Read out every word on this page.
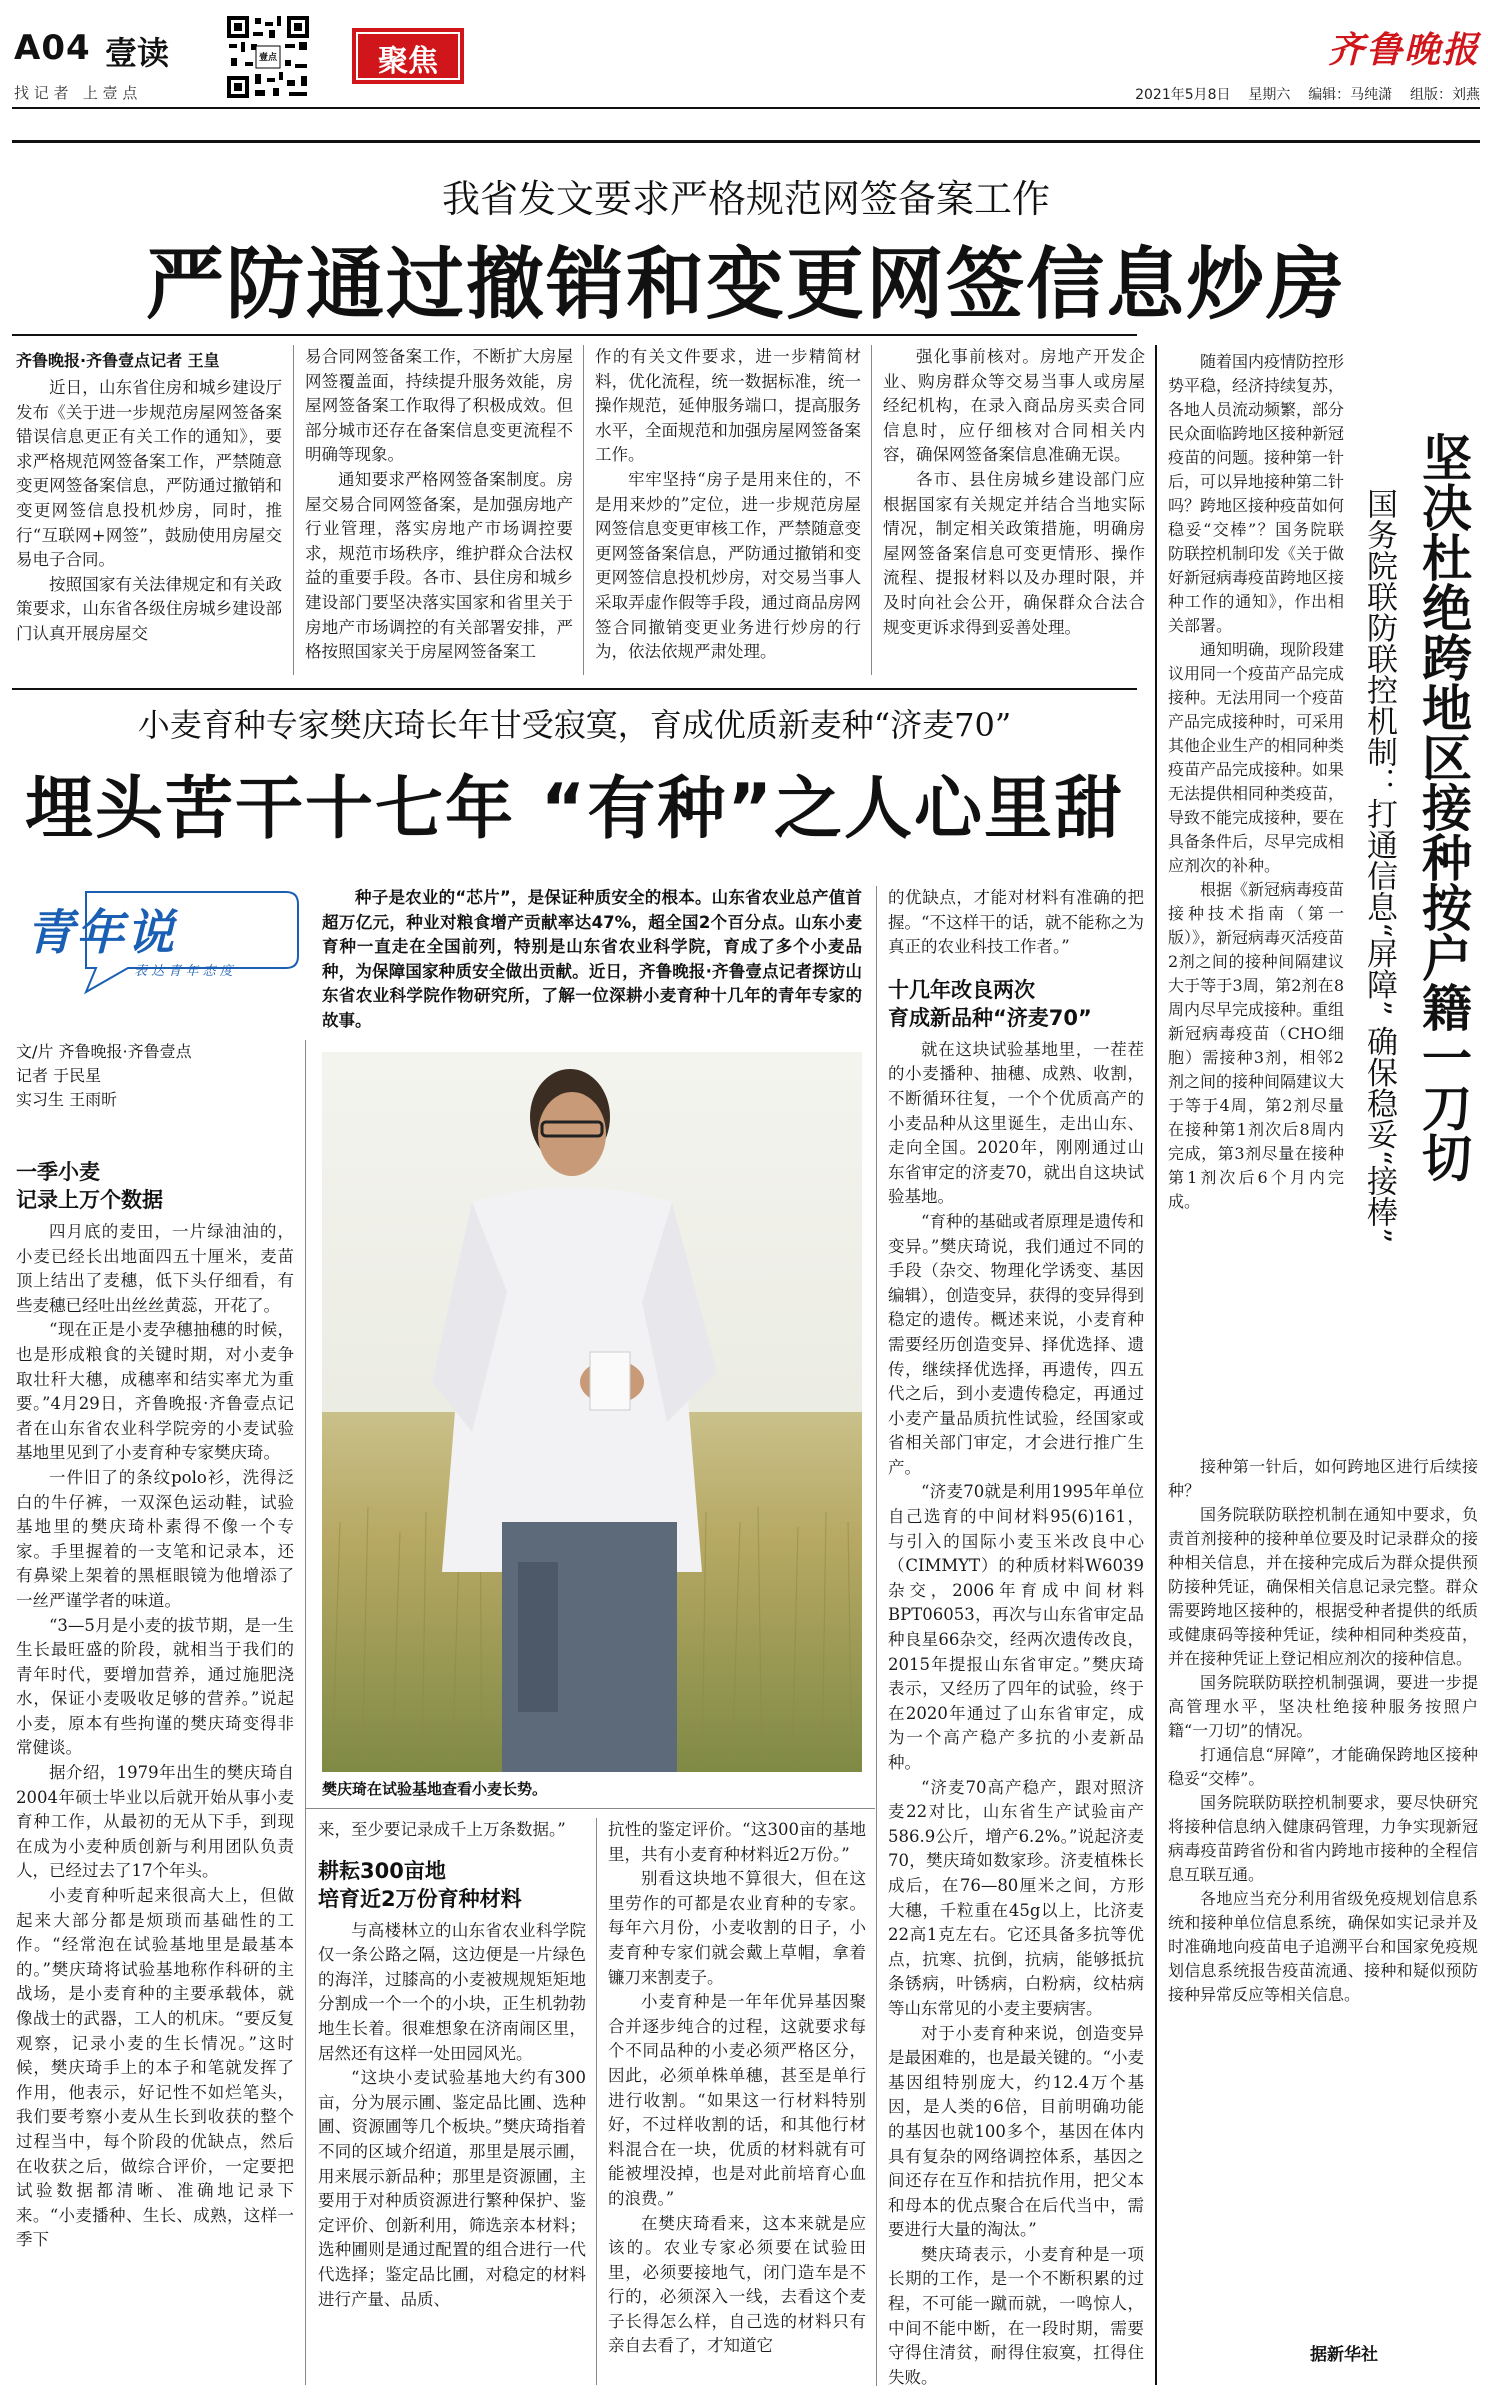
A04 壹读
找 记 者   上 壹 点
壹点	聚焦	齐鲁晚报
2021年5月8日 星期六 编辑：马纯潇 组版：刘燕
我省发文要求严格规范网签备案工作
严防通过撤销和变更网签信息炒房
齐鲁晚报·齐鲁壹点记者 王皇

近日，山东省住房和城乡建设厅发布《关于进一步规范房屋网签备案错误信息更正有关工作的通知》，要求严格规范网签备案工作，严禁随意变更网签备案信息，严防通过撤销和变更网签信息投机炒房，同时，推行“互联网+网签”，鼓励使用房屋交易电子合同。

按照国家有关法律规定和有关政策要求，山东省各级住房城乡建设部门认真开展房屋交

易合同网签备案工作，不断扩大房屋网签覆盖面，持续提升服务效能，房屋网签备案工作取得了积极成效。但部分城市还存在备案信息变更流程不明确等现象。

通知要求严格网签备案制度。房屋交易合同网签备案，是加强房地产行业管理，落实房地产市场调控要求，规范市场秩序，维护群众合法权益的重要手段。各市、县住房和城乡建设部门要坚决落实国家和省里关于房地产市场调控的有关部署安排，严格按照国家关于房屋网签备案工

作的有关文件要求，进一步精简材料，优化流程，统一数据标准，统一操作规范，延伸服务端口，提高服务水平，全面规范和加强房屋网签备案工作。

牢牢坚持“房子是用来住的，不是用来炒的”定位，进一步规范房屋网签信息变更审核工作，严禁随意变更网签备案信息，严防通过撤销和变更网签信息投机炒房，对交易当事人采取弄虚作假等手段，通过商品房网签合同撤销变更业务进行炒房的行为，依法依规严肃处理。

强化事前核对。房地产开发企业、购房群众等交易当事人或房屋经纪机构，在录入商品房买卖合同信息时，应仔细核对合同相关内容，确保网签备案信息准确无误。

各市、县住房城乡建设部门应根据国家有关规定并结合当地实际情况，制定相关政策措施，明确房屋网签备案信息可变更情形、操作流程、提报材料以及办理时限，并及时向社会公开，确保群众合法合规变更诉求得到妥善处理。

随着国内疫情防控形势平稳，经济持续复苏，各地人员流动频繁，部分民众面临跨地区接种新冠疫苗的问题。接种第一针后，可以异地接种第二针吗？跨地区接种疫苗如何稳妥“交棒”？国务院联防联控机制印发《关于做好新冠病毒疫苗跨地区接种工作的通知》，作出相关部署。

通知明确，现阶段建议用同一个疫苗产品完成接种。无法用同一个疫苗产品完成接种时，可采用其他企业生产的相同种类疫苗产品完成接种。如果无法提供相同种类疫苗，导致不能完成接种，要在具备条件后，尽早完成相应剂次的补种。

根据《新冠病毒疫苗接种技术指南（第一版）》，新冠病毒灭活疫苗2剂之间的接种间隔建议大于等于3周，第2剂在8周内尽早完成接种。重组新冠病毒疫苗（CHO细胞）需接种3剂，相邻2剂之间的接种间隔建议大于等于4周，第2剂尽量在接种第1剂次后8周内完成，第3剂尽量在接种第1剂次后6个月内完成。

坚决杜绝跨地区接种按户籍一刀切
国务院联防联控机制：打通信息“屏障” 确保稳妥“接棒”

接种第一针后，如何跨地区进行后续接种？

国务院联防联控机制在通知中要求，负责首剂接种的接种单位要及时记录群众的接种相关信息，并在接种完成后为群众提供预防接种凭证，确保相关信息记录完整。群众需要跨地区接种的，根据受种者提供的纸质或健康码等接种凭证，续种相同种类疫苗，并在接种凭证上登记相应剂次的接种信息。

国务院联防联控机制强调，要进一步提高管理水平，坚决杜绝接种服务按照户籍“一刀切”的情况。

打通信息“屏障”，才能确保跨地区接种稳妥“交棒”。

国务院联防联控机制要求，要尽快研究将接种信息纳入健康码管理，力争实现新冠病毒疫苗跨省份和省内跨地市接种的全程信息互联互通。

各地应当充分利用省级免疫规划信息系统和接种单位信息系统，确保如实记录并及时准确地向疫苗电子追溯平台和国家免疫规划信息系统报告疫苗流通、接种和疑似预防接种异常反应等相关信息。

据新华社
小麦育种专家樊庆琦长年甘受寂寞，育成优质新麦种“济麦70”
埋头苦干十七年 “有种”之人心里甜
青年说
表 达 青 年 态 度
文/片 齐鲁晚报·齐鲁壹点
记者 于民星
实习生 王雨昕
种子是农业的“芯片”，是保证种质安全的根本。山东省农业总产值首超万亿元，种业对粮食增产贡献率达47%，超全国2个百分点。山东小麦育种一直走在全国前列，特别是山东省农业科学院，育成了多个小麦品种，为保障国家种质安全做出贡献。近日，齐鲁晚报·齐鲁壹点记者探访山东省农业科学院作物研究所，了解一位深耕小麦育种十几年的青年专家的故事。
樊庆琦在试验基地查看小麦长势。
一季小麦
记录上万个数据

四月底的麦田，一片绿油油的，小麦已经长出地面四五十厘米，麦苗顶上结出了麦穗，低下头仔细看，有些麦穗已经吐出丝丝黄蕊，开花了。

“现在正是小麦孕穗抽穗的时候，也是形成粮食的关键时期，对小麦争取壮秆大穗，成穗率和结实率尤为重要。”4月29日，齐鲁晚报·齐鲁壹点记者在山东省农业科学院旁的小麦试验基地里见到了小麦育种专家樊庆琦。

一件旧了的条纹polo衫，洗得泛白的牛仔裤，一双深色运动鞋，试验基地里的樊庆琦朴素得不像一个专家。手里握着的一支笔和记录本，还有鼻梁上架着的黑框眼镜为他增添了一丝严谨学者的味道。

“3—5月是小麦的拔节期，是一生生长最旺盛的阶段，就相当于我们的青年时代，要增加营养，通过施肥浇水，保证小麦吸收足够的营养。”说起小麦，原本有些拘谨的樊庆琦变得非常健谈。

据介绍，1979年出生的樊庆琦自2004年硕士毕业以后就开始从事小麦育种工作，从最初的无从下手，到现在成为小麦种质创新与利用团队负责人，已经过去了17个年头。

小麦育种听起来很高大上，但做起来大部分都是烦琐而基础性的工作。“经常泡在试验基地里是最基本的。”樊庆琦将试验基地称作科研的主战场，是小麦育种的主要承载体，就像战士的武器，工人的机床。“要反复观察，记录小麦的生长情况。”这时候，樊庆琦手上的本子和笔就发挥了作用，他表示，好记性不如烂笔头，我们要考察小麦从生长到收获的整个过程当中，每个阶段的优缺点，然后在收获之后，做综合评价，一定要把试验数据都清晰、准确地记录下来。“小麦播种、生长、成熟，这样一季下

来，至少要记录成千上万条数据。”

耕耘300亩地
培育近2万份育种材料

与高楼林立的山东省农业科学院仅一条公路之隔，这边便是一片绿色的海洋，过膝高的小麦被规规矩矩地分割成一个一个的小块，正生机勃勃地生长着。很难想象在济南闹区里，居然还有这样一处田园风光。

“这块小麦试验基地大约有300亩，分为展示圃、鉴定品比圃、选种圃、资源圃等几个板块。”樊庆琦指着不同的区域介绍道，那里是展示圃，用来展示新品种；那里是资源圃，主要用于对种质资源进行繁种保护、鉴定评价、创新利用，筛选亲本材料；选种圃则是通过配置的组合进行一代代选择；鉴定品比圃，对稳定的材料进行产量、品质、

抗性的鉴定评价。“这300亩的基地里，共有小麦育种材料近2万份。”

别看这块地不算很大，但在这里劳作的可都是农业育种的专家。每年六月份，小麦收割的日子，小麦育种专家们就会戴上草帽，拿着镰刀来割麦子。

小麦育种是一年年优异基因聚合并逐步纯合的过程，这就要求每个不同品种的小麦必须严格区分，因此，必须单株单穗，甚至是单行进行收割。“如果这一行材料特别好，不过样收割的话，和其他行材料混合在一块，优质的材料就有可能被埋没掉，也是对此前培育心血的浪费。”

在樊庆琦看来，这本来就是应该的。农业专家必须要在试验田里，必须要接地气，闭门造车是不行的，必须深入一线，去看这个麦子长得怎么样，自己选的材料只有亲自去看了，才知道它

的优缺点，才能对材料有准确的把握。“不这样干的话，就不能称之为真正的农业科技工作者。”

十几年改良两次
育成新品种“济麦70”

就在这块试验基地里，一茬茬的小麦播种、抽穗、成熟、收割，不断循环往复，一个个优质高产的小麦品种从这里诞生，走出山东、走向全国。2020年，刚刚通过山东省审定的济麦70，就出自这块试验基地。

“育种的基础或者原理是遗传和变异。”樊庆琦说，我们通过不同的手段（杂交、物理化学诱变、基因编辑），创造变异，获得的变异得到稳定的遗传。概述来说，小麦育种需要经历创造变异、择优选择、遗传，继续择优选择，再遗传，四五代之后，到小麦遗传稳定，再通过小麦产量品质抗性试验，经国家或省相关部门审定，才会进行推广生产。

“济麦70就是利用1995年单位自己选育的中间材料95(6)161，与引入的国际小麦玉米改良中心（CIMMYT）的种质材料W6039杂交，2006年育成中间材料BPT06053，再次与山东省审定品种良星66杂交，经两次遗传改良，2015年提报山东省审定。”樊庆琦表示，又经历了四年的试验，终于在2020年通过了山东省审定，成为一个高产稳产多抗的小麦新品种。

“济麦70高产稳产，跟对照济麦22对比，山东省生产试验亩产586.9公斤，增产6.2%。”说起济麦70，樊庆琦如数家珍。济麦植株长成后，在76—80厘米之间，方形大穗，千粒重在45g以上，比济麦22高1克左右。它还具备多抗等优点，抗寒、抗倒，抗病，能够抵抗条锈病，叶锈病，白粉病，纹枯病等山东常见的小麦主要病害。

对于小麦育种来说，创造变异是最困难的，也是最关键的。“小麦基因组特别庞大，约12.4万个基因，是人类的6倍，目前明确功能的基因也就100多个，基因在体内具有复杂的网络调控体系，基因之间还存在互作和拮抗作用，把父本和母本的优点聚合在后代当中，需要进行大量的淘汰。”

樊庆琦表示，小麦育种是一项长期的工作，是一个不断积累的过程，不可能一蹴而就，一鸣惊人，中间不能中断，在一段时期，需要守得住清贫，耐得住寂寞，扛得住失败。
